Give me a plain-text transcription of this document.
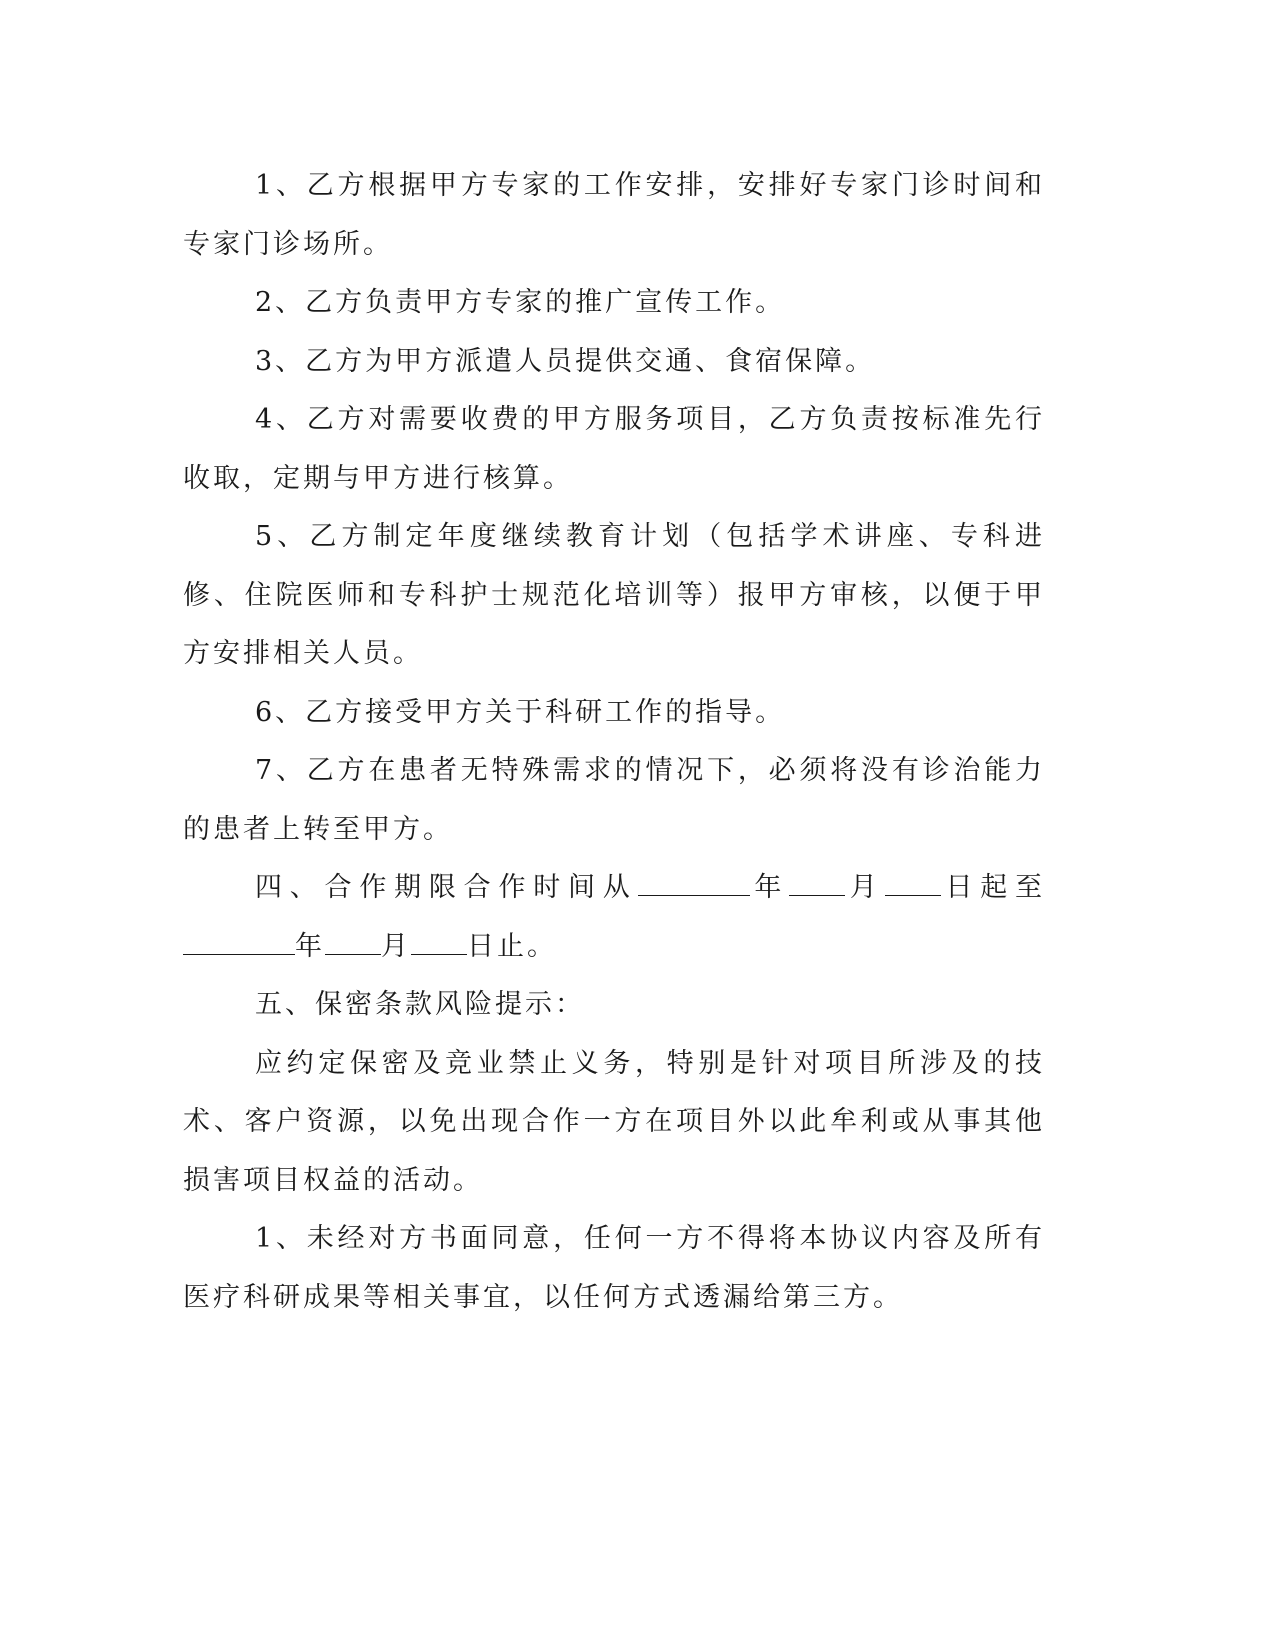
1、乙方根据甲方专家的工作安排，安排好专家门诊时间和专家门诊场所。

2、乙方负责甲方专家的推广宣传工作。

3、乙方为甲方派遣人员提供交通、食宿保障。

4、乙方对需要收费的甲方服务项目，乙方负责按标准先行收取，定期与甲方进行核算。

5、乙方制定年度继续教育计划（包括学术讲座、专科进修、住院医师和专科护士规范化培训等）报甲方审核，以便于甲方安排相关人员。

6、乙方接受甲方关于科研工作的指导。

7、乙方在患者无特殊需求的情况下，必须将没有诊治能力的患者上转至甲方。

四、合作期限合作时间从	年 月 日起至年 月 日止。

五、保密条款风险提示：

应约定保密及竞业禁止义务，特别是针对项目所涉及的技术、客户资源，以免出现合作一方在项目外以此牟利或从事其他损害项目权益的活动。

1、未经对方书面同意，任何一方不得将本协议内容及所有医疗科研成果等相关事宜，以任何方式透漏给第三方。
